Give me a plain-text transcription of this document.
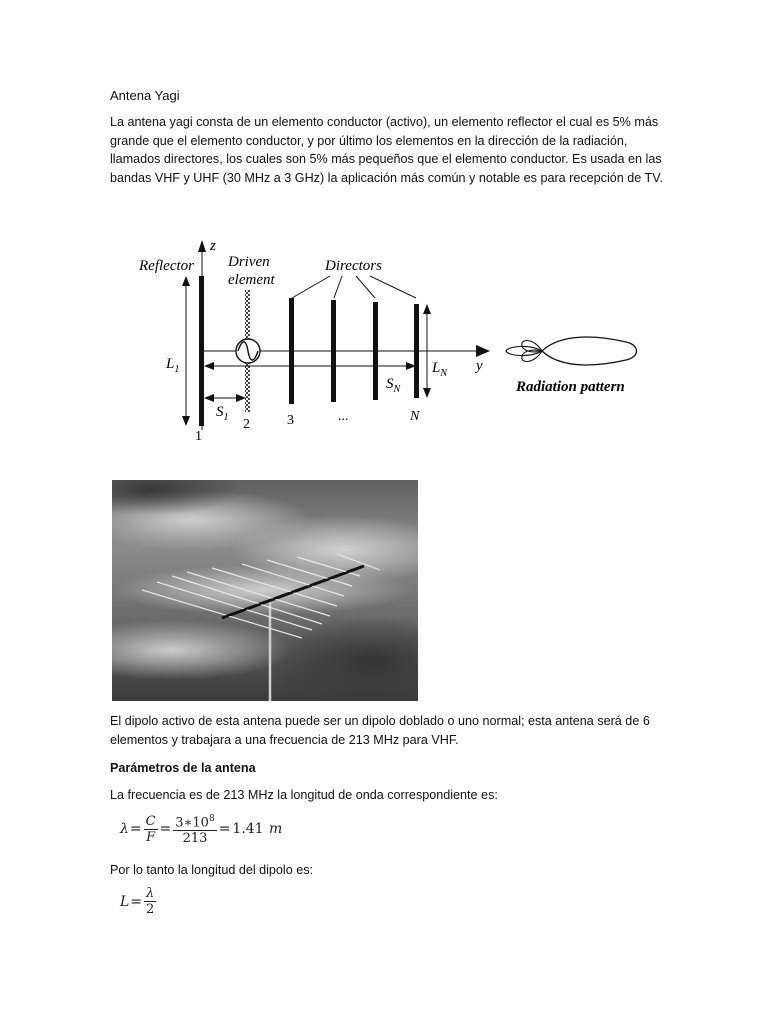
Antena Yagi

La antena yagi consta de un elemento conductor (activo), un elemento reflector el cual es 5% más grande que el elemento conductor, y por último los elementos en la dirección de la radiación, llamados directores, los cuales son 5% más pequeños que el elemento conductor. Es usada en las bandas VHF y UHF (30 MHz a 3 GHz) la aplicación más común y notable es para recepción de TV.

z
y
Reflector Driven
element
Directors
$L_1$	$L_N$
$S_N$
$S_1$
1
2	3	...	N
Radiation pattern

El dipolo activo de esta antena puede ser un dipolo doblado o uno normal; esta antena será de 6 elementos y trabajara a una frecuencia de 213 MHz para VHF.

Parámetros de la antena

La frecuencia es de 213 MHz la longitud de onda correspondiente es:

$\lambda= \frac{C}{F} = \frac{3∗10^8}{213} = 1.41$ m

Por lo tanto la longitud del dipolo es:

$L= \frac{\lambda}{2}$
